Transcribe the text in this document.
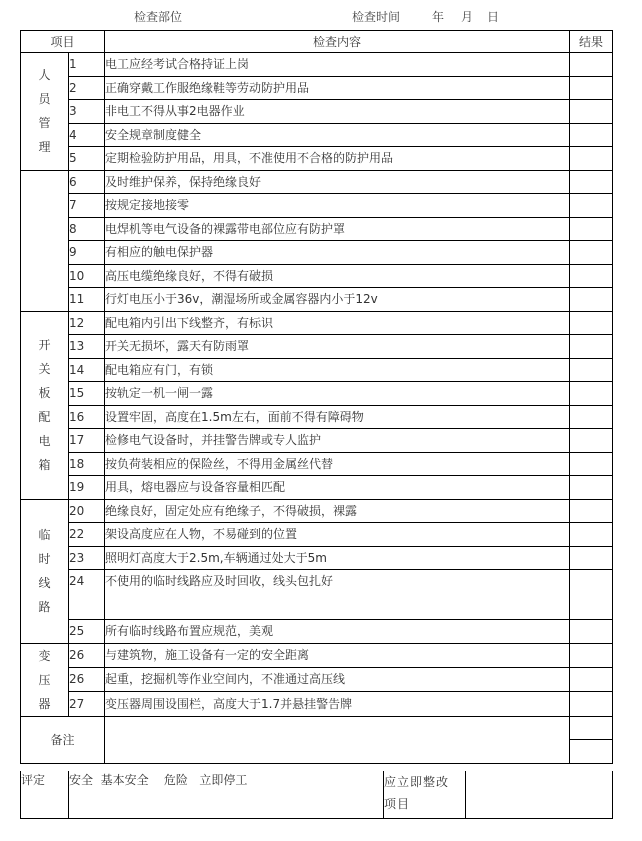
检查部位	检查时间	年 月 日
项目		检查内容	结果
人员管理	1	电工应经考试合格持证上岗	
	2	正确穿戴工作服绝缘鞋等劳动防护用品	
	3	非电工不得从事2电器作业	
	4	安全规章制度健全	
	5	定期检验防护用品，用具，不准使用不合格的防护用品	
	6	及时维护保养，保持绝缘良好	
	7	按规定接地接零	
	8	电焊机等电气设备的裸露带电部位应有防护罩	
	9	有相应的触电保护器	
	10	高压电缆绝缘良好，不得有破损	
	11	行灯电压小于36v，潮湿场所或金属容器内小于12v	
开关板配电箱	12	配电箱内引出下线整齐，有标识	
	13	开关无损坏，露天有防雨罩	
	14	配电箱应有门，有锁	
	15	按轨定一机一闸一露	
	16	设置牢固，高度在1.5m左右，面前不得有障碍物	
	17	检修电气设备时，并挂警告牌或专人监护	
	18	按负荷装相应的保险丝，不得用金属丝代替	
	19	用具，熔电器应与设备容量相匹配	
临时线路	20	绝缘良好，固定处应有绝缘子，不得破损，裸露	
	22	架设高度应在人物，不易碰到的位置	
	23	照明灯高度大于2.5m,车辆通过处大于5m	
	24	不使用的临时线路应及时回收，线头包扎好	
	25	所有临时线路布置应规范，美观	
变压器	26	与建筑物，施工设备有一定的安全距离	
	26	起重，挖掘机等作业空间内，不准通过高压线	
	27	变压器周围设围栏，高度大于1.7并悬挂警告牌	
备注			

评定	安全  基本安全    危险   立即停工	应立即整改
项目
